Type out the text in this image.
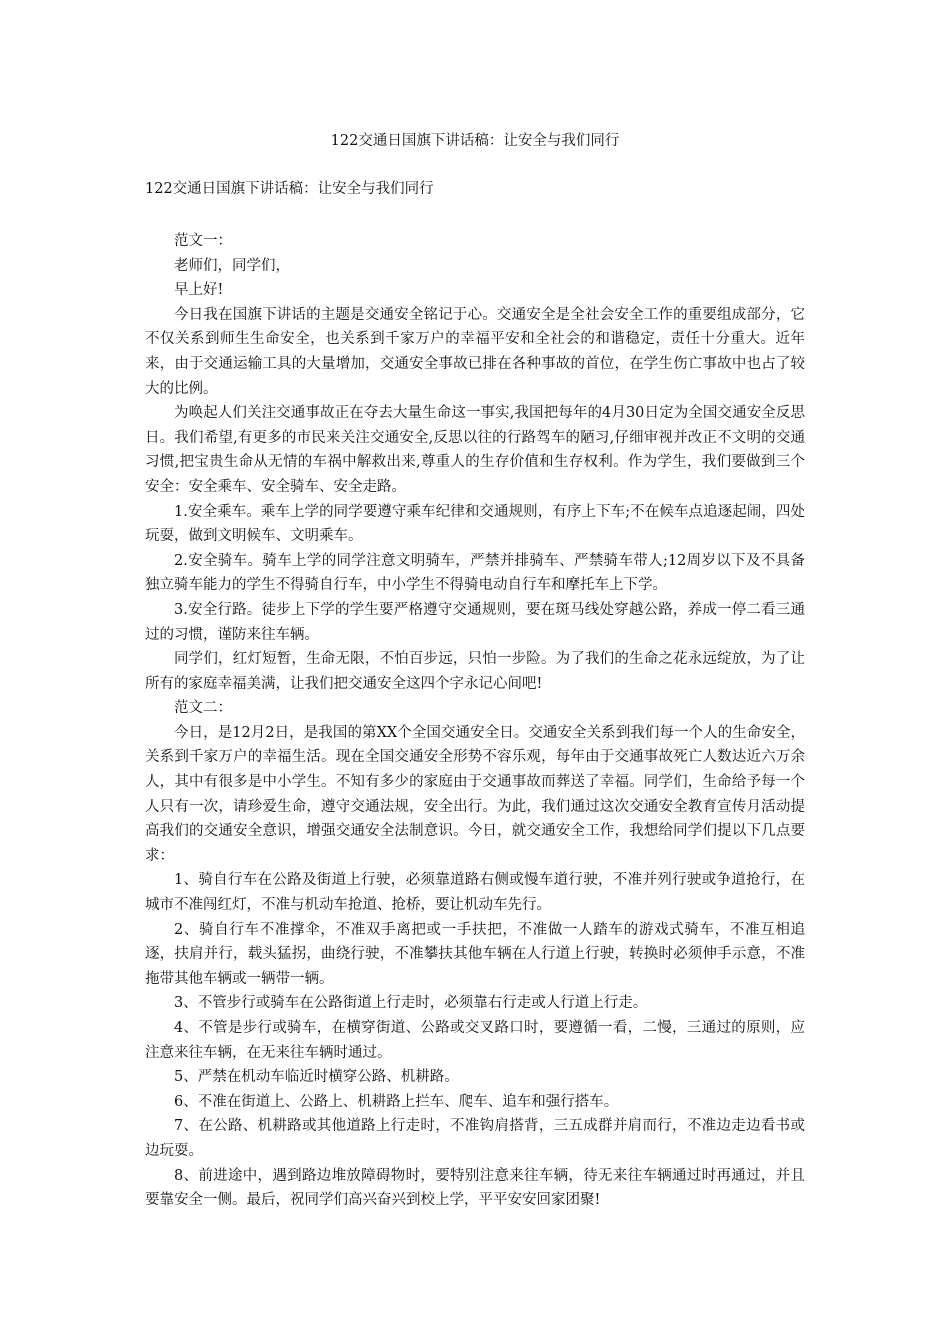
122交通日国旗下讲话稿：让安全与我们同行
122交通日国旗下讲话稿：让安全与我们同行

范文一：

老师们，同学们，

早上好!

今日我在国旗下讲话的主题是交通安全铭记于心。交通安全是全社会安全工作的重要组成部分，它不仅关系到师生生命安全，也关系到千家万户的幸福平安和全社会的和谐稳定，责任十分重大。近年来，由于交通运输工具的大量增加，交通安全事故已排在各种事故的首位，在学生伤亡事故中也占了较大的比例。

为唤起人们关注交通事故正在夺去大量生命这一事实,我国把每年的4月30日定为全国交通安全反思日。我们希望,有更多的市民来关注交通安全,反思以往的行路驾车的陋习,仔细审视并改正不文明的交通习惯,把宝贵生命从无情的车祸中解救出来,尊重人的生存价值和生存权利。作为学生，我们要做到三个安全：安全乘车、安全骑车、安全走路。

1.安全乘车。乘车上学的同学要遵守乘车纪律和交通规则，有序上下车;不在候车点追逐起闹，四处玩耍，做到文明候车、文明乘车。

2.安全骑车。骑车上学的同学注意文明骑车，严禁并排骑车、严禁骑车带人;12周岁以下及不具备独立骑车能力的学生不得骑自行车，中小学生不得骑电动自行车和摩托车上下学。

3.安全行路。徒步上下学的学生要严格遵守交通规则，要在斑马线处穿越公路，养成一停二看三通过的习惯，谨防来往车辆。

同学们，红灯短暂，生命无限，不怕百步远，只怕一步险。为了我们的生命之花永远绽放，为了让所有的家庭幸福美满，让我们把交通安全这四个字永记心间吧!

范文二：

今日，是12月2日，是我国的第XX个全国交通安全日。交通安全关系到我们每一个人的生命安全，关系到千家万户的幸福生活。现在全国交通安全形势不容乐观，每年由于交通事故死亡人数达近六万余人，其中有很多是中小学生。不知有多少的家庭由于交通事故而葬送了幸福。同学们，生命给予每一个人只有一次，请珍爱生命，遵守交通法规，安全出行。为此，我们通过这次交通安全教育宣传月活动提高我们的交通安全意识，增强交通安全法制意识。今日，就交通安全工作，我想给同学们提以下几点要求：

1、骑自行车在公路及街道上行驶，必须靠道路右侧或慢车道行驶，不准并列行驶或争道抢行，在城市不准闯红灯，不准与机动车抢道、抢桥，要让机动车先行。

2、骑自行车不准撑伞，不准双手离把或一手扶把，不准做一人踏车的游戏式骑车，不准互相追逐，扶肩并行，载头猛拐，曲绕行驶，不准攀扶其他车辆在人行道上行驶，转换时必须伸手示意，不准拖带其他车辆或一辆带一辆。

3、不管步行或骑车在公路街道上行走时，必须靠右行走或人行道上行走。

4、不管是步行或骑车，在横穿街道、公路或交叉路口时，要遵循一看，二慢，三通过的原则，应注意来往车辆，在无来往车辆时通过。

5、严禁在机动车临近时横穿公路、机耕路。

6、不准在街道上、公路上、机耕路上拦车、爬车、追车和强行搭车。

7、在公路、机耕路或其他道路上行走时，不准钩肩搭背，三五成群并肩而行，不准边走边看书或边玩耍。

8、前进途中，遇到路边堆放障碍物时，要特别注意来往车辆，待无来往车辆通过时再通过，并且要靠安全一侧。最后，祝同学们高兴奋兴到校上学，平平安安回家团聚!
